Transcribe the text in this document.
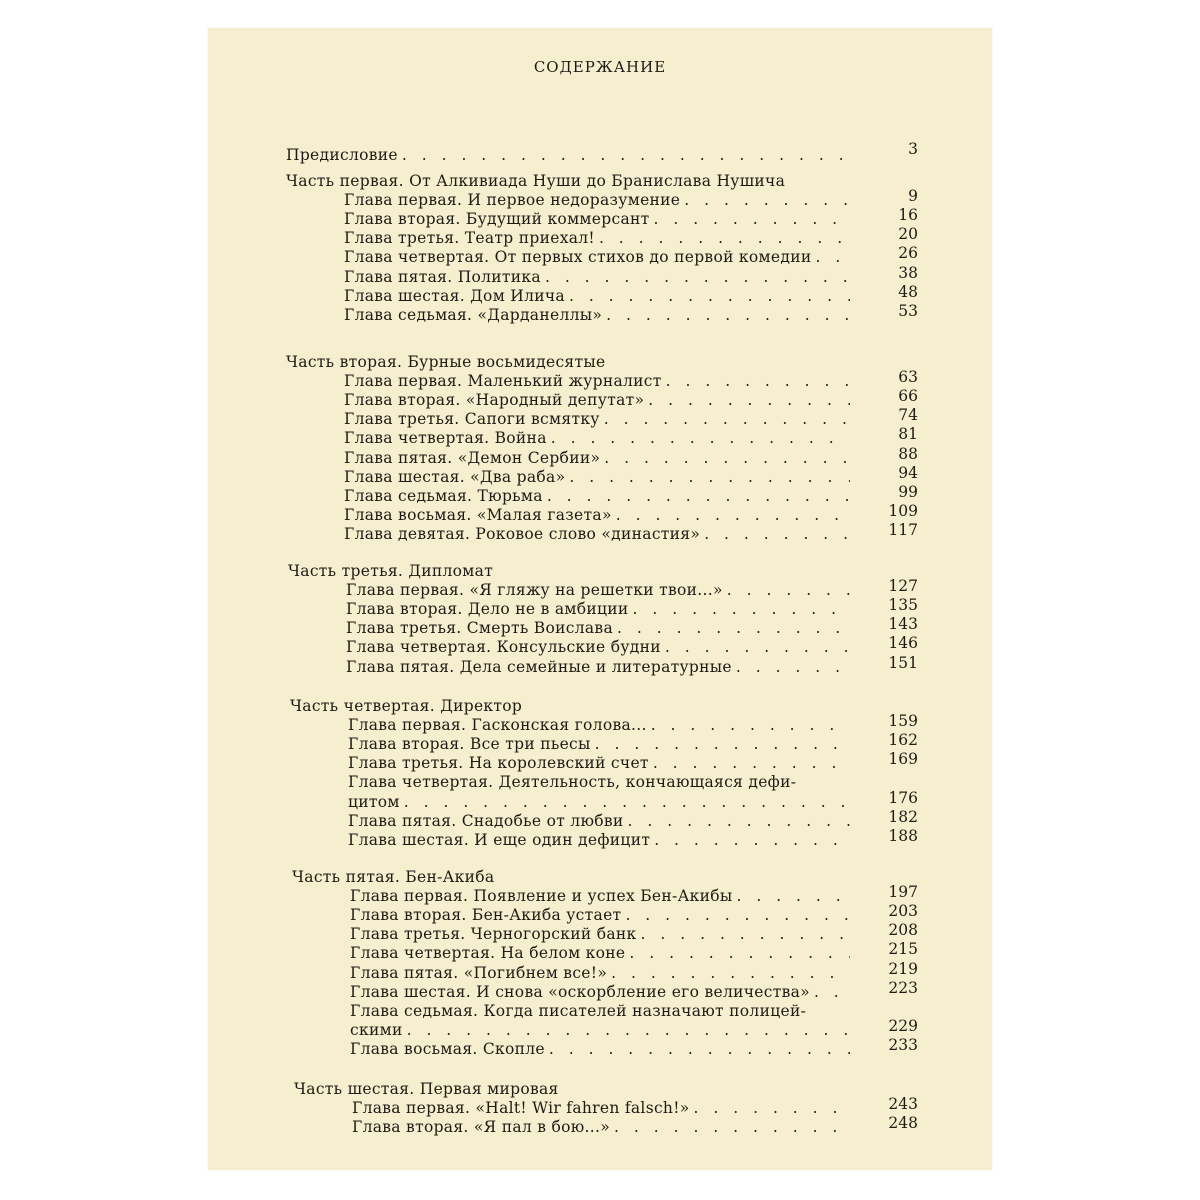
СОДЕРЖАНИЕ
Предисловие . . .	3
Часть первая. От Алкивиада Нуши до Бранислава Нушича
Глава первая. И первое недоразумение . . .	9
Глава вторая. Будущий коммерсант . . .	16
Глава третья. Театр приехал! . . .	20
Глава четвертая. От первых стихов до первой комедии . . .	26
Глава пятая. Политика . . .	38
Глава шестая. Дом Илича . . .	48
Глава седьмая. «Дарданеллы» . . .	53
Часть вторая. Бурные восьмидесятые
Глава первая. Маленький журналист . . .	63
Глава вторая. «Народный депутат» . . .	66
Глава третья. Сапоги всмятку . . .	74
Глава четвертая. Война . . .	81
Глава пятая. «Демон Сербии» . . .	88
Глава шестая. «Два раба» . . .	94
Глава седьмая. Тюрьма . . .	99
Глава восьмая. «Малая газета» . . .	109
Глава девятая. Роковое слово «династия» . . .	117
Часть третья. Дипломат
Глава первая. «Я гляжу на решетки твои...» . . .	127
Глава вторая. Дело не в амбиции . . .	135
Глава третья. Смерть Воислава . . .	143
Глава четвертая. Консульские будни . . .	146
Глава пятая. Дела семейные и литературные . . .	151
Часть четвертая. Директор
Глава первая. Гасконская голова... . . .	159
Глава вторая. Все три пьесы . . .	162
Глава третья. На королевский счет . . .	169
Глава четвертая. Деятельность, кончающаяся дефи-
цитом . . .	176
Глава пятая. Снадобье от любви . . .	182
Глава шестая. И еще один дефицит . . .	188
Часть пятая. Бен-Акиба
Глава первая. Появление и успех Бен-Акибы . . .	197
Глава вторая. Бен-Акиба устает . . .	203
Глава третья. Черногорский банк . . .	208
Глава четвертая. На белом коне . . .	215
Глава пятая. «Погибнем все!» . . .	219
Глава шестая. И снова «оскорбление его величества» . . .	223
Глава седьмая. Когда писателей назначают полицей-
скими . . .	229
Глава восьмая. Скопле . . .	233
Часть шестая. Первая мировая
Глава первая. «Halt! Wir fahren falsch!» . . .	243
Глава вторая. «Я пал в бою...» . . .	248
